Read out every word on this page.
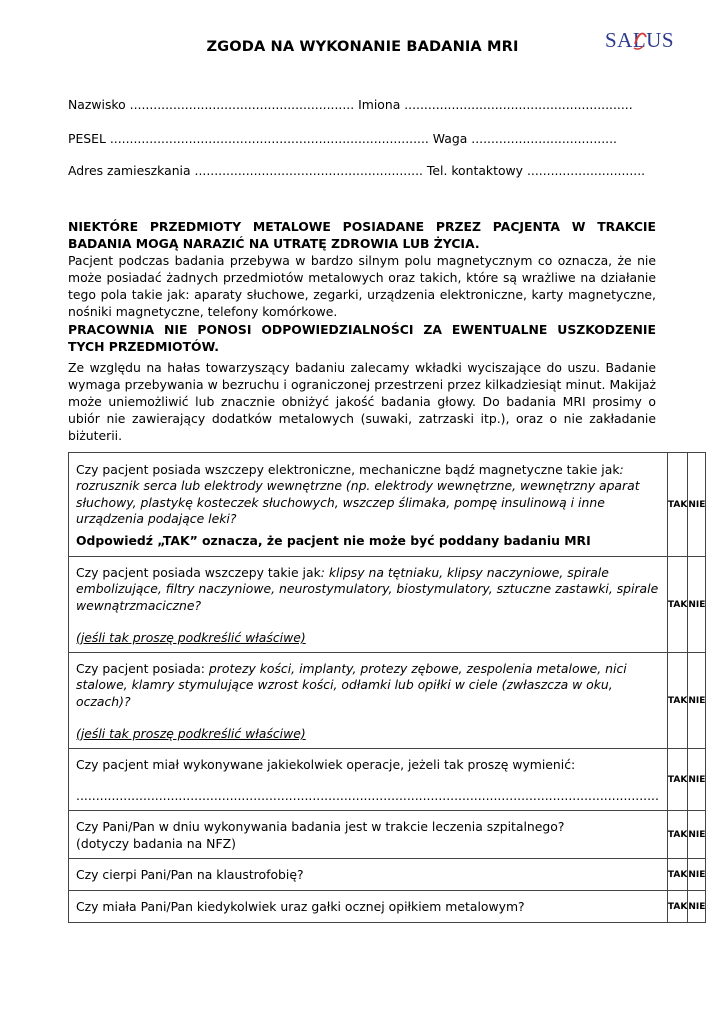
SALUS
ZGODA NA WYKONANIE BADANIA MRI
Nazwisko ......................................................... Imiona ..........................................................
PESEL ................................................................................. Waga .....................................
Adres zamieszkania .......................................................... Tel. kontaktowy ..............................
NIEKTÓRE PRZEDMIOTY METALOWE POSIADANE PRZEZ PACJENTA W TRAKCIE BADANIA MOGĄ NARAZIĆ NA UTRATĘ ZDROWIA LUB ŻYCIA.
Pacjent podczas badania przebywa w bardzo silnym polu magnetycznym co oznacza, że nie może posiadać żadnych przedmiotów metalowych oraz takich, które są wrażliwe na działanie tego pola takie jak: aparaty słuchowe, zegarki, urządzenia elektroniczne, karty magnetyczne, nośniki magnetyczne, telefony komórkowe.
PRACOWNIA NIE PONOSI ODPOWIEDZIALNOŚCI ZA EWENTUALNE USZKODZENIE TYCH PRZEDMIOTÓW.
Ze względu na hałas towarzyszący badaniu zalecamy wkładki wyciszające do uszu. Badanie wymaga przebywania w bezruchu i ograniczonej przestrzeni przez kilkadziesiąt minut. Makijaż może uniemożliwić lub znacznie obniżyć jakość badania głowy. Do badania MRI prosimy o ubiór nie zawierający dodatków metalowych (suwaki, zatrzaski itp.), oraz o nie zakładanie biżuterii.
Czy pacjent posiada wszczepy elektroniczne, mechaniczne bądź magnetyczne takie jak: rozrusznik serca lub elektrody wewnętrzne (np. elektrody wewnętrzne, wewnętrzny aparat słuchowy, plastykę kosteczek słuchowych, wszczep ślimaka, pompę insulinową i inne urządzenia podające leki?
Odpowiedź „TAK” oznacza, że pacjent nie może być poddany badaniu MRI	TAK	NIE
Czy pacjent posiada wszczepy takie jak: klipsy na tętniaku, klipsy naczyniowe, spirale embolizujące, filtry naczyniowe, neurostymulatory, biostymulatory, sztuczne zastawki, spirale wewnątrzmaciczne?
(jeśli tak proszę podkreślić właściwe)	TAK	NIE
Czy pacjent posiada: protezy kości, implanty, protezy zębowe, zespolenia metalowe, nici stalowe, klamry stymulujące wzrost kości, odłamki lub opiłki w ciele (zwłaszcza w oku, oczach)?
(jeśli tak proszę podkreślić właściwe)	TAK	NIE
Czy pacjent miał wykonywane jakiekolwiek operacje, jeżeli tak proszę wymienić:
....................................................................................................................................................	TAK	NIE
Czy Pani/Pan w dniu wykonywania badania jest w trakcie leczenia szpitalnego?
(dotyczy badania na NFZ)	TAK	NIE
Czy cierpi Pani/Pan na klaustrofobię?	TAK	NIE
Czy miała Pani/Pan kiedykolwiek uraz gałki ocznej opiłkiem metalowym?	TAK	NIE
